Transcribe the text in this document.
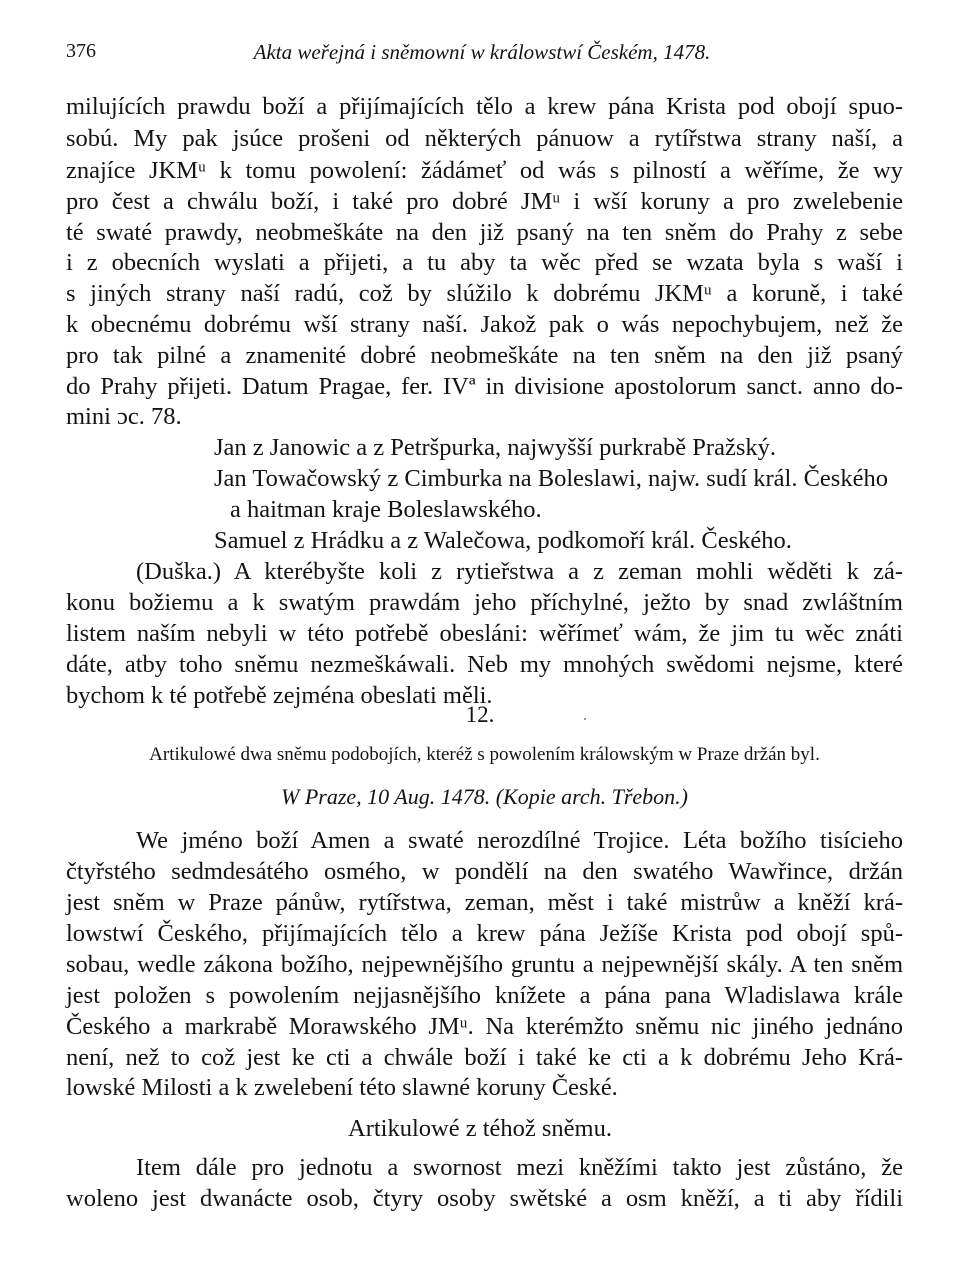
376	Akta weřejná i sněmowní w králowstwí Českém, 1478.

milujících prawdu boží a přijímajících tělo a krew pána Krista pod obojí spuo-

sobú. My pak jsúce prošeni od některých pánuow a rytířstwa strany naší, a

znajíce JKMᵘ k tomu powolení: žádámeť od wás s pilností a wěříme, že wy

pro čest a chwálu boží, i také pro dobré JMᵘ i wší koruny a pro zwelebenie

té swaté prawdy, neobmeškáte na den již psaný na ten sněm do Prahy z sebe

i z obecních wyslati a přijeti, a tu aby ta wěc před se wzata byla s waší i

s jiných strany naší radú, což by slúžilo k dobrému JKMᵘ a koruně, i také

k obecnému dobrému wší strany naší. Jakož pak o wás nepochybujem, než že

pro tak pilné a znamenité dobré neobmeškáte na ten sněm na den již psaný

do Prahy přijeti. Datum Pragae, fer. IVª in divisione apostolorum sanct. anno do-

mini ɔc. 78.

Jan z Janowic a z Petršpurka, najwyšší purkrabě Pražský.

Jan Towačowský z Cimburka na Boleslawi, najw. sudí král. Českého

a haitman kraje Boleslawského.

Samuel z Hrádku a z Walečowa, podkomoří král. Českého.

(Duška.) A kterébyšte koli z rytieřstwa a z zeman mohli wěděti k zá-

konu božiemu a k swatým prawdám jeho příchylné, ježto by snad zwláštním

listem naším nebyli w této potřebě obesláni: wěřímeť wám, že jim tu wěc znáti

dáte, atby toho sněmu nezmeškáwali. Neb my mnohých swědomi nejsme, které

bychom k té potřebě zejména obeslati měli.

12.

Artikulowé dwa sněmu podobojích, kteréž s powolením králowským w Praze držán byl.

W Praze, 10 Aug. 1478. (Kopie arch. Třebon.)

We jméno boží Amen a swaté nerozdílné Trojice. Léta božího tisícieho

čtyřstého sedmdesátého osmého, w pondělí na den swatého Wawřince, držán

jest sněm w Praze pánůw, rytířstwa, zeman, měst i také mistrůw a kněží krá-

lowstwí Českého, přijímajících tělo a krew pána Ježíše Krista pod obojí spů-

sobau, wedle zákona božího, nejpewnějšího gruntu a nejpewnější skály. A ten sněm

jest položen s powolením nejjasnějšího knížete a pána pana Wladislawa krále

Českého a markrabě Morawského JMᵘ. Na kterémžto sněmu nic jiného jednáno

není, než to což jest ke cti a chwále boží i také ke cti a k dobrému Jeho Krá-

lowské Milosti a k zwelebení této slawné koruny České.

Artikulowé z téhož sněmu.

Item dále pro jednotu a swornost mezi kněžími takto jest zůstáno, že

woleno jest dwanácte osob, čtyry osoby swětské a osm kněží, a ti aby řídili
